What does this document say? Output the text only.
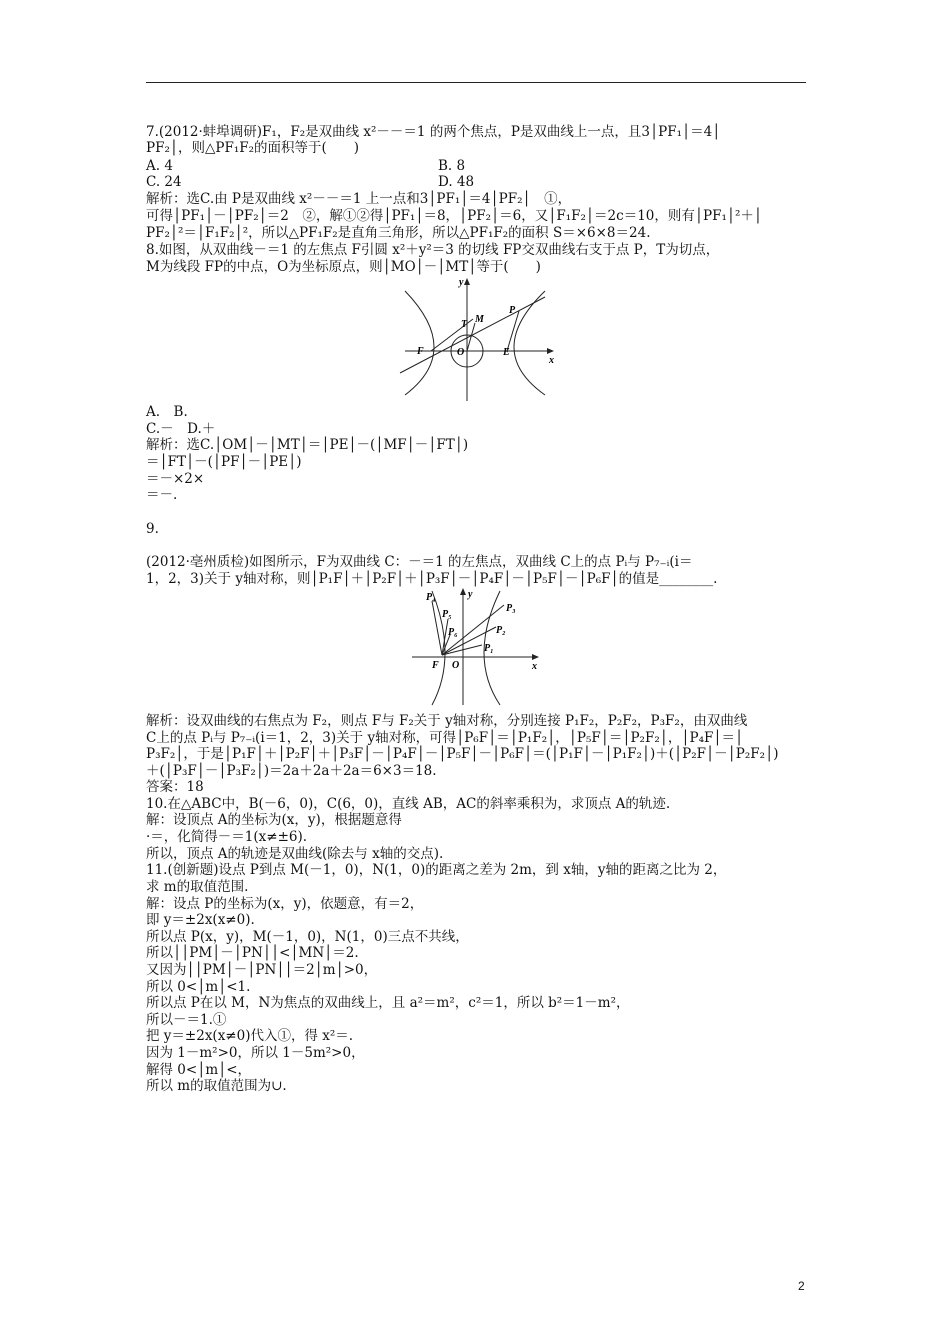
7.(2012·蚌埠调研)F₁，F₂是双曲线 x²－－＝1 的两个焦点，P是双曲线上一点，且3│PF₁│＝4│
PF₂│，则△PF₁F₂的面积等于(　　)
A. 4	B. 8
C. 24	D. 48
解析：选C.由 P是双曲线 x²－－＝1 上一点和3│PF₁│＝4│PF₂│　①，
可得│PF₁│－│PF₂│＝2　②，解①②得│PF₁│＝8，│PF₂│＝6，又│F₁F₂│＝2c＝10，则有│PF₁│²＋│
PF₂│²＝│F₁F₂│²，所以△PF₁F₂是直角三角形，所以△PF₁F₂的面积 S＝×6×8＝24.
8.如图，从双曲线－＝1 的左焦点 F引圆 x²＋y²＝3 的切线 FP交双曲线右支于点 P，T为切点，
M为线段 FP的中点，O为坐标原点，则│MO│－│MT│等于(　　)
y
x
T M
P
F	O	E
A.　B.
C.－　D.＋
解析：选C.│OM│－│MT│＝│PE│－(│MF│－│FT│)
＝│FT│－(│PF│－│PE│)
＝－×2×
＝－.
9.
(2012·亳州质检)如图所示，F为双曲线 C：－＝1 的左焦点，双曲线 C上的点 Pᵢ与 P₇₋ᵢ(i＝
1，2，3)关于 y轴对称，则│P₁F│＋│P₂F│＋│P₃F│－│P₄F│－│P₅F│－│P₆F│的值是________.
P₄
P₅
P₆
P₃
P₂
P₁
y
x
F O
解析：设双曲线的右焦点为 F₂，则点 F与 F₂关于 y轴对称，分别连接 P₁F₂，P₂F₂，P₃F₂，由双曲线
C上的点 Pᵢ与 P₇₋ᵢ(i＝1，2，3)关于 y轴对称，可得│P₆F│＝│P₁F₂│，│P₅F│＝│P₂F₂│，│P₄F│＝│
P₃F₂│，于是│P₁F│＋│P₂F│＋│P₃F│－│P₄F│－│P₅F│－│P₆F│＝(│P₁F│－│P₁F₂│)＋(│P₂F│－│P₂F₂│)
＋(│P₃F│－│P₃F₂│)＝2a＋2a＋2a＝6×3＝18.
答案：18
10.在△ABC中，B(－6，0)，C(6，0)，直线 AB，AC的斜率乘积为，求顶点 A的轨迹.
解：设顶点 A的坐标为(x，y)，根据题意得
·＝，化简得－＝1(x≠±6).
所以，顶点 A的轨迹是双曲线(除去与 x轴的交点).
11.(创新题)设点 P到点 M(－1，0)，N(1，0)的距离之差为 2m，到 x轴，y轴的距离之比为 2，
求 m的取值范围.
解：设点 P的坐标为(x，y)，依题意，有＝2，
即 y＝±2x(x≠0).
所以点 P(x，y)，M(－1，0)，N(1，0)三点不共线，
所以││PM│－│PN││<│MN│＝2.
又因为││PM│－│PN││＝2│m│>0，
所以 0<│m│<1.
所以点 P在以 M，N为焦点的双曲线上，且 a²＝m²，c²＝1，所以 b²＝1－m²，
所以－＝1.①
把 y＝±2x(x≠0)代入①，得 x²＝.
因为 1－m²>0，所以 1－5m²>0，
解得 0<│m│<，
所以 m的取值范围为∪.
2
